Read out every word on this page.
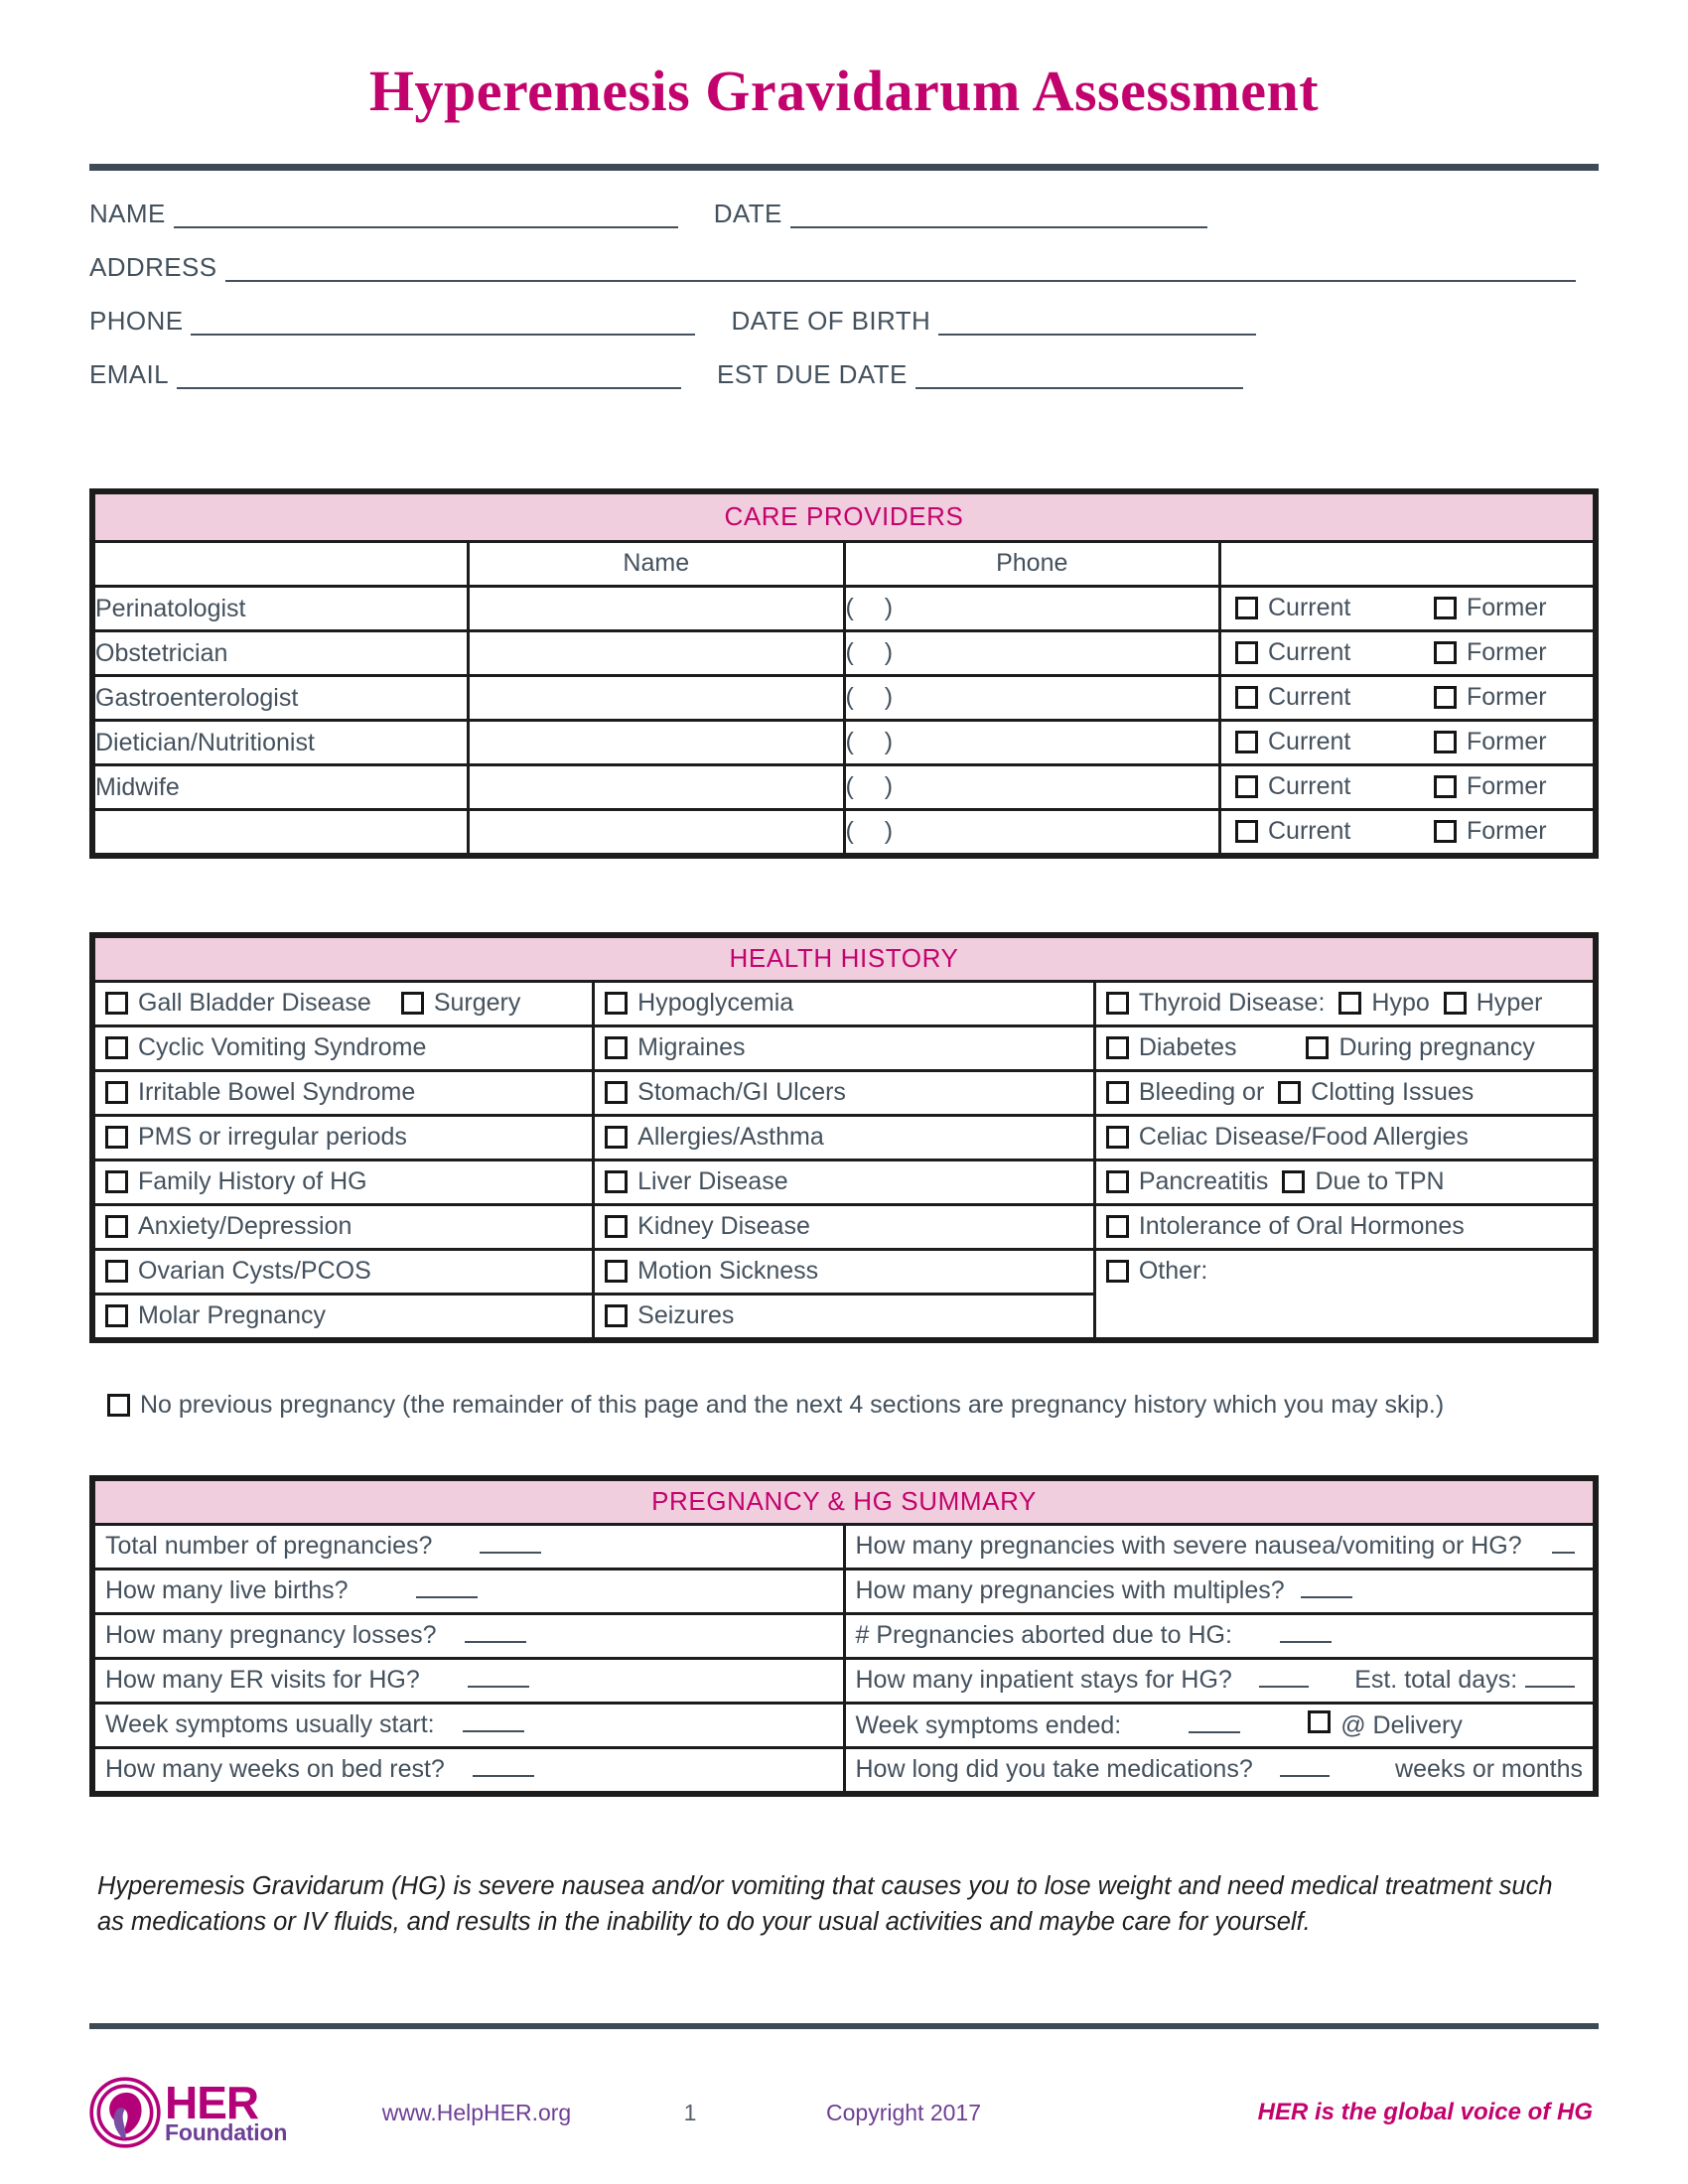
Hyperemesis Gravidarum Assessment
NAME	DATE
ADDRESS
PHONE	DATE OF BIRTH
EMAIL	EST DUE DATE
CARE PROVIDERS			
	Name	Phone	
Perinatologist		( )	Current Former

Obstetrician		( )	Current Former

Gastroenterologist		( )	Current Former

Dietician/Nutritionist		( )	Current Former

Midwife		( )	Current Former

		( )	Current Former
HEALTH HISTORY		

Gall Bladder Disease Surgery	Hypoglycemia	Thyroid Disease: Hypo Hyper

Cyclic Vomiting Syndrome	Migraines	Diabetes During pregnancy

Irritable Bowel Syndrome	Stomach/GI Ulcers	Bleeding or Clotting Issues

PMS or irregular periods	Allergies/Asthma	Celiac Disease/Food Allergies

Family History of HG	Liver Disease	Pancreatitis Due to TPN

Anxiety/Depression	Kidney Disease	Intolerance of Oral Hormones

Ovarian Cysts/PCOS	Motion Sickness	Other:

Molar Pregnancy	Seizures	
No previous pregnancy (the remainder of this page and the next 4 sections are pregnancy history which you may skip.)
PREGNANCY & HG SUMMARY	

Total number of pregnancies?	How many pregnancies with severe nausea/vomiting or HG?

How many live births?	How many pregnancies with multiples?

How many pregnancy losses?	# Pregnancies aborted due to HG:

How many ER visits for HG?	How many inpatient stays for HG? Est. total days:

Week symptoms usually start:	Week symptoms ended: @ Delivery

How many weeks on bed rest?	How long did you take medications? weeks or months
Hyperemesis Gravidarum (HG) is severe nausea and/or vomiting that causes you to lose weight and need medical treatment such as medications or IV fluids, and results in the inability to do your usual activities and maybe care for yourself.
HER
Foundation
www.HelpHER.org	1	Copyright 2017	HER is the global voice of HG
